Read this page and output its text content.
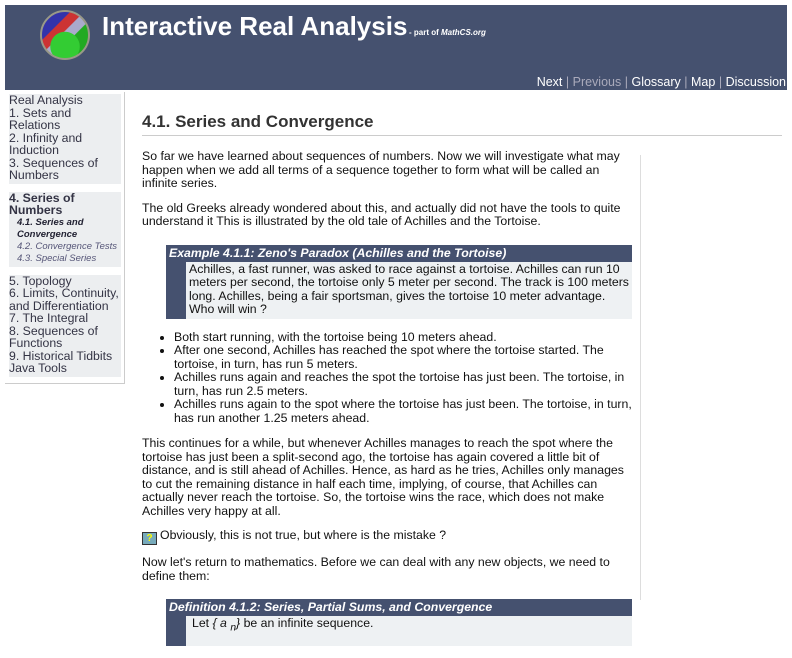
Interactive Real Analysis - part of MathCS.org
Next | Previous | Glossary | Map | Discussion
Real Analysis
1. Sets and Relations
2. Infinity and Induction
3. Sequences of Numbers
4. Series of Numbers
4.1. Series and Convergence
4.2. Convergence Tests
4.3. Special Series
5. Topology
6. Limits, Continuity, and Differentiation
7. The Integral
8. Sequences of Functions
9. Historical Tidbits
Java Tools
4.1. Series and Convergence

So far we have learned about sequences of numbers. Now we will investigate what may happen when we add all terms of a sequence together to form what will be called an infinite series.

The old Greeks already wondered about this, and actually did not have the tools to quite understand it This is illustrated by the old tale of Achilles and the Tortoise.

Example 4.1.1: Zeno's Paradox (Achilles and the Tortoise)
Achilles, a fast runner, was asked to race against a tortoise. Achilles can run 10 meters per second, the tortoise only 5 meter per second. The track is 100 meters long. Achilles, being a fair sportsman, gives the tortoise 10 meter advantage. Who will win ?
• Both start running, with the tortoise being 10 meters ahead.
• After one second, Achilles has reached the spot where the tortoise started. The tortoise, in turn, has run 5 meters.
• Achilles runs again and reaches the spot the tortoise has just been. The tortoise, in turn, has run 2.5 meters.
• Achilles runs again to the spot where the tortoise has just been. The tortoise, in turn, has run another 1.25 meters ahead.

This continues for a while, but whenever Achilles manages to reach the spot where the tortoise has just been a split-second ago, the tortoise has again covered a little bit of distance, and is still ahead of Achilles. Hence, as hard as he tries, Achilles only manages to cut the remaining distance in half each time, implying, of course, that Achilles can actually never reach the tortoise. So, the tortoise wins the race, which does not make Achilles very happy at all.

? Obviously, this is not true, but where is the mistake ?

Now let's return to mathematics. Before we can deal with any new objects, we need to define them:

Definition 4.1.2: Series, Partial Sums, and Convergence
Let { a $_n$} be an infinite sequence.
